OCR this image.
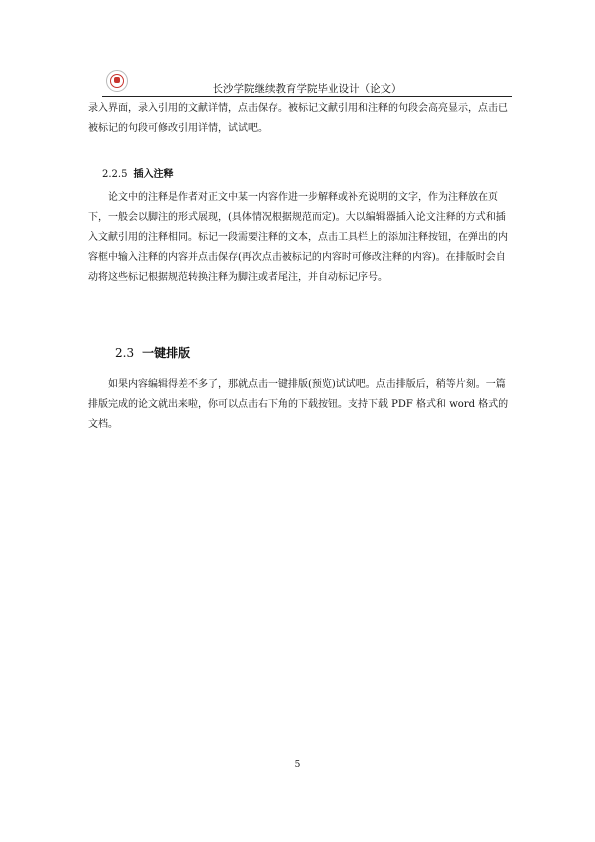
长沙学院继续教育学院毕业设计（论文）
录入界面，录入引用的文献详情，点击保存。被标记文献引用和注释的句段会高亮显示，点击已被标记的句段可修改引用详情，试试吧。
2.2.5 插入注释
论文中的注释是作者对正文中某一内容作进一步解释或补充说明的文字，作为注释放在页下，一般会以脚注的形式展现，(具体情况根据规范而定)。大以编辑器插入论文注释的方式和插入文献引用的注释相同。标记一段需要注释的文本，点击工具栏上的添加注释按钮，在弹出的内容框中输入注释的内容并点击保存(再次点击被标记的内容时可修改注释的内容)。在排版时会自动将这些标记根据规范转换注释为脚注或者尾注，并自动标记序号。
2.3 一键排版
如果内容编辑得差不多了，那就点击一键排版(预览)试试吧。点击排版后，稍等片刻。一篇排版完成的论文就出来啦，你可以点击右下角的下载按钮。支持下载 PDF 格式和 word 格式的文档。
5
